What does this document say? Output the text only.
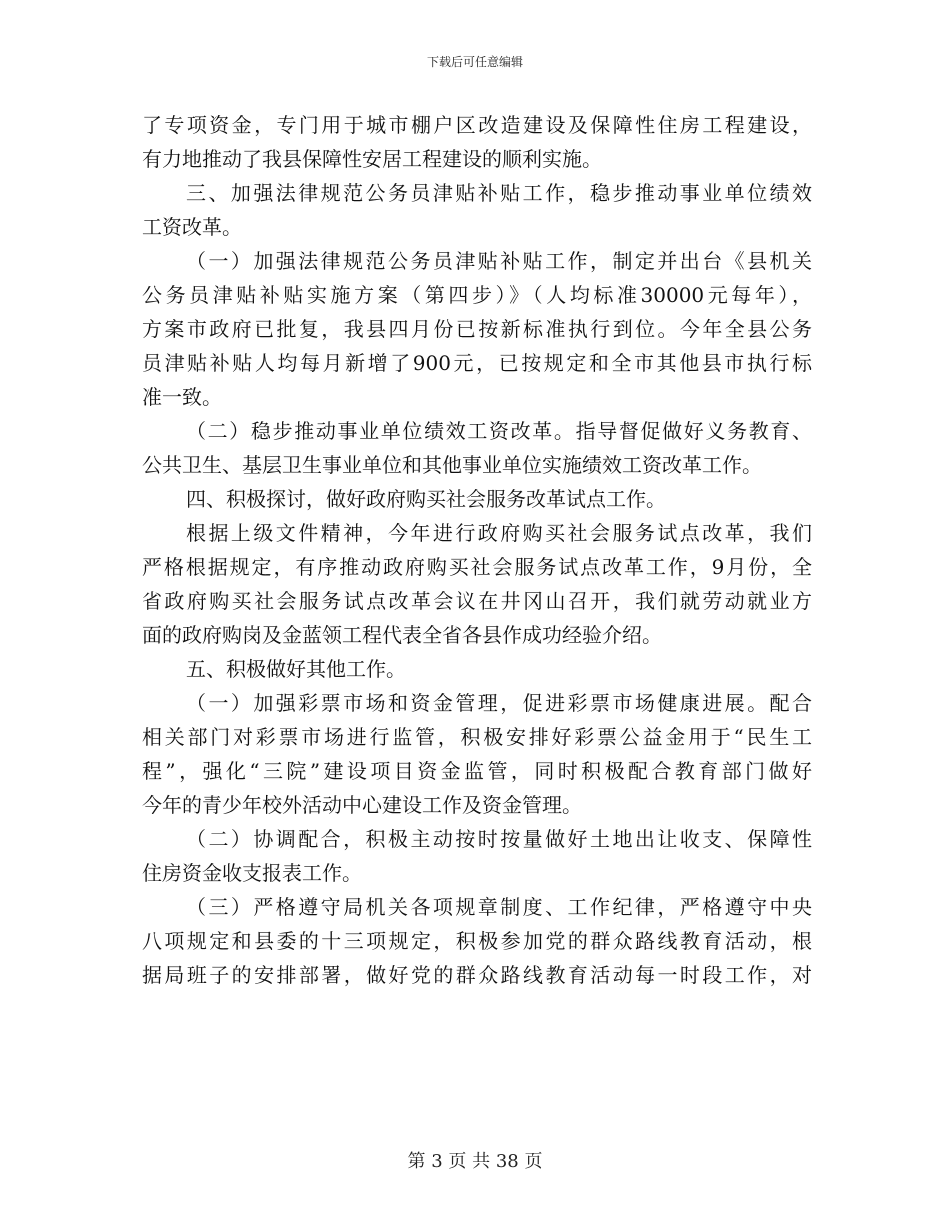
下载后可任意编辑
了专项资金，专门用于城市棚户区改造建设及保障性住房工程建设，
有力地推动了我县保障性安居工程建设的顺利实施。
三、加强法律规范公务员津贴补贴工作，稳步推动事业单位绩效
工资改革。
（一）加强法律规范公务员津贴补贴工作，制定并出台《县机关
公务员津贴补贴实施方案（第四步）》（人均标准30000元每年），
方案市政府已批复，我县四月份已按新标准执行到位。今年全县公务
员津贴补贴人均每月新增了900元，已按规定和全市其他县市执行标
准一致。
（二）稳步推动事业单位绩效工资改革。指导督促做好义务教育、
公共卫生、基层卫生事业单位和其他事业单位实施绩效工资改革工作。
四、积极探讨，做好政府购买社会服务改革试点工作。
根据上级文件精神，今年进行政府购买社会服务试点改革，我们
严格根据规定，有序推动政府购买社会服务试点改革工作，9月份，全
省政府购买社会服务试点改革会议在井冈山召开，我们就劳动就业方
面的政府购岗及金蓝领工程代表全省各县作成功经验介绍。
五、积极做好其他工作。
（一）加强彩票市场和资金管理，促进彩票市场健康进展。配合
相关部门对彩票市场进行监管，积极安排好彩票公益金用于“民生工
程”，强化“三院”建设项目资金监管，同时积极配合教育部门做好
今年的青少年校外活动中心建设工作及资金管理。
（二）协调配合，积极主动按时按量做好土地出让收支、保障性
住房资金收支报表工作。
（三）严格遵守局机关各项规章制度、工作纪律，严格遵守中央
八项规定和县委的十三项规定，积极参加党的群众路线教育活动，根
据局班子的安排部署，做好党的群众路线教育活动每一时段工作，对
第 3 页 共 38 页
